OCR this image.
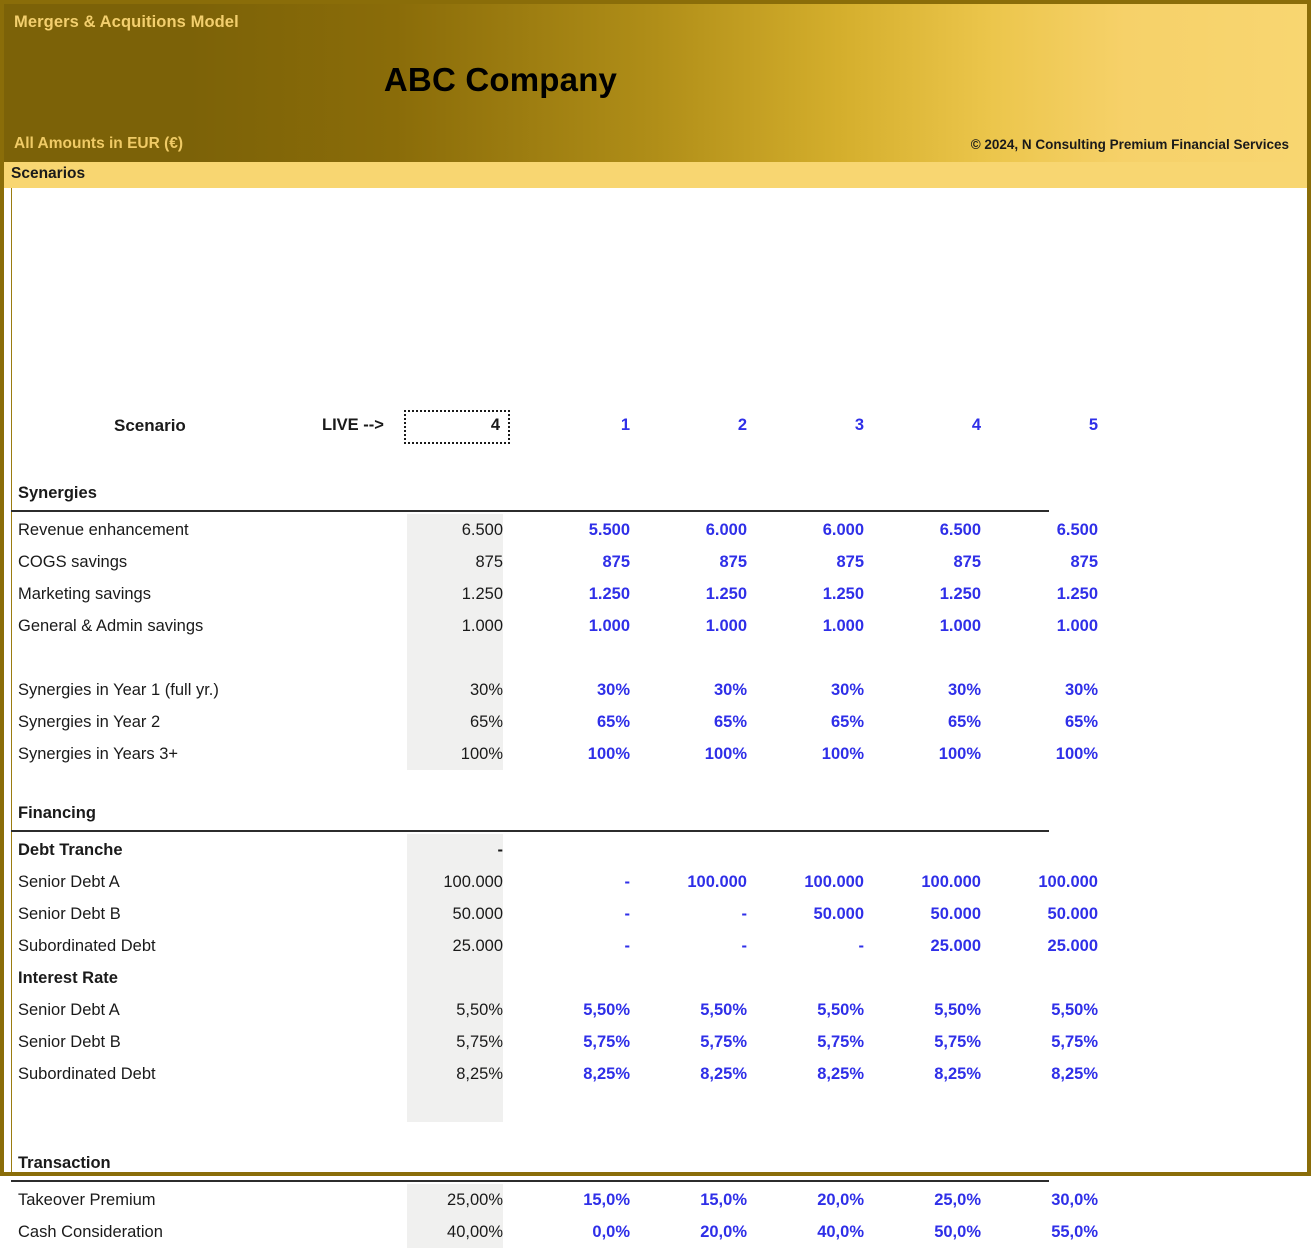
Mergers & Acquitions Model
ABC Company
All Amounts in EUR (€)	© 2024, N Consulting Premium Financial Services
Scenarios
Scenario	LIVE -->	4	1	2	3	4	5
Synergies
Revenue enhancement	6.500	5.500	6.000	6.000	6.500	6.500
COGS savings	875	875	875	875	875	875
Marketing savings	1.250	1.250	1.250	1.250	1.250	1.250
General & Admin savings	1.000	1.000	1.000	1.000	1.000	1.000
Synergies in Year 1 (full yr.)	30%	30%	30%	30%	30%	30%
Synergies in Year 2	65%	65%	65%	65%	65%	65%
Synergies in Years 3+	100%	100%	100%	100%	100%	100%
Financing
Debt Tranche	-
Senior Debt A	100.000	-	100.000	100.000	100.000	100.000
Senior Debt B	50.000	-	-	50.000	50.000	50.000
Subordinated Debt	25.000	-	-	-	25.000	25.000
Interest Rate
Senior Debt A	5,50%	5,50%	5,50%	5,50%	5,50%	5,50%
Senior Debt B	5,75%	5,75%	5,75%	5,75%	5,75%	5,75%
Subordinated Debt	8,25%	8,25%	8,25%	8,25%	8,25%	8,25%
Transaction
Takeover Premium	25,00%	15,0%	15,0%	20,0%	25,0%	30,0%
Cash Consideration	40,00%	0,0%	20,0%	40,0%	50,0%	55,0%
